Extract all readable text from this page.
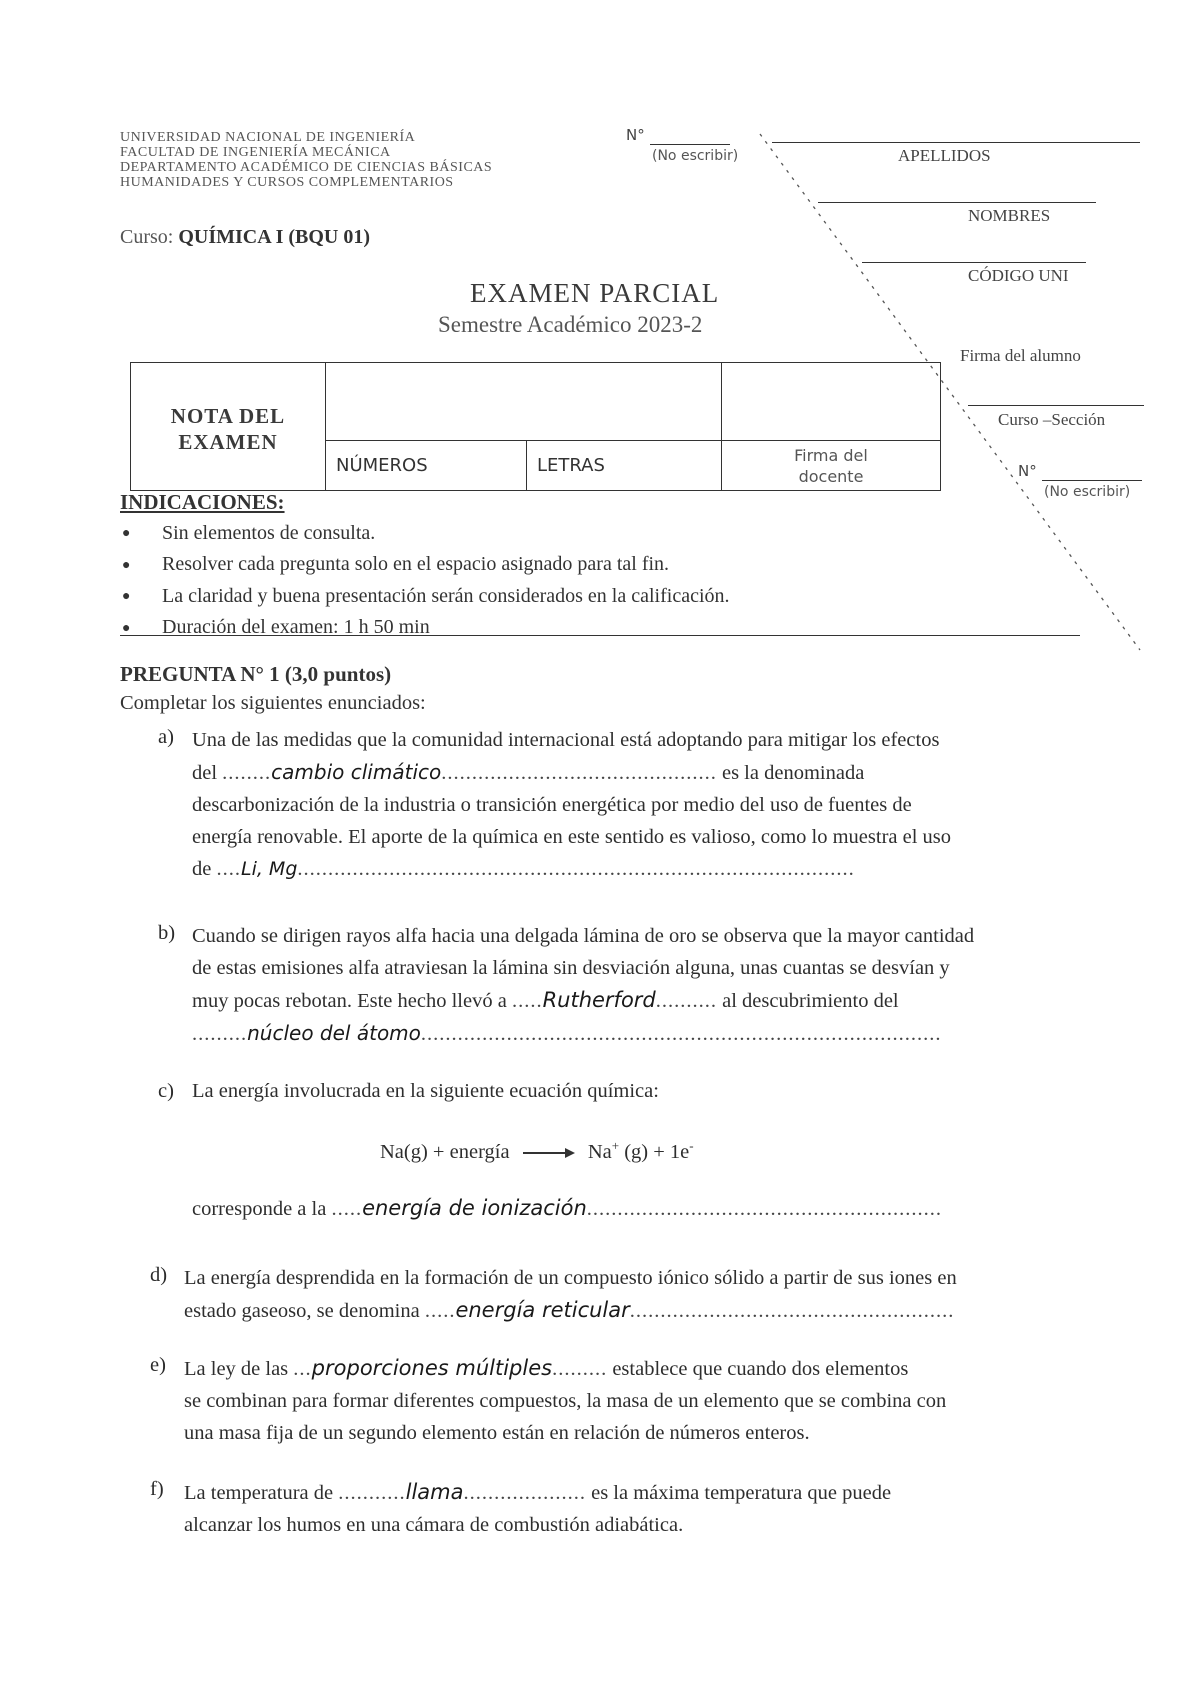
UNIVERSIDAD NACIONAL DE INGENIERÍA
FACULTAD DE INGENIERÍA MECÁNICA
DEPARTAMENTO ACADÉMICO DE CIENCIAS BÁSICAS
HUMANIDADES Y CURSOS COMPLEMENTARIOS
N°
(No escribir)	APELLIDOS
NOMBRES
CÓDIGO UNI
Firma del alumno
Curso –Sección
N°
(No escribir)
Curso: QUÍMICA I (BQU 01)
EXAMEN PARCIAL
Semestre Académico 2023-2
NOTA DEL
EXAMEN			

	NÚMEROS	LETRAS	Firma del
docente
INDICACIONES:
● Sin elementos de consulta.
● Resolver cada pregunta solo en el espacio asignado para tal fin.
● La claridad y buena presentación serán considerados en la calificación.
● Duración del examen: 1 h 50 min
PREGUNTA N° 1 (3,0 puntos)
Completar los siguientes enunciados:
a) Una de las medidas que la comunidad internacional está adoptando para mitigar los efectos
del ........cambio climático............................................. es la denominada
descarbonización de la industria o transición energética por medio del uso de fuentes de
energía renovable. El aporte de la química en este sentido es valioso, como lo muestra el uso
de ....Li, Mg...........................................................................................
b) Cuando se dirigen rayos alfa hacia una delgada lámina de oro se observa que la mayor cantidad
de estas emisiones alfa atraviesan la lámina sin desviación alguna, unas cuantas se desvían y
muy pocas rebotan. Este hecho llevó a .....Rutherford.......... al descubrimiento del
.........núcleo del átomo.....................................................................................
c) La energía involucrada en la siguiente ecuación química:
Na(g) + energía → Na+ (g) + 1e-
corresponde a la .....energía de ionización..........................................................
d) La energía desprendida en la formación de un compuesto iónico sólido a partir de sus iones en
estado gaseoso, se denomina .....energía reticular.....................................................
e) La ley de las ...proporciones múltiples......... establece que cuando dos elementos
se combinan para formar diferentes compuestos, la masa de un elemento que se combina con
una masa fija de un segundo elemento están en relación de números enteros.
f) La temperatura de ...........llama.................... es la máxima temperatura que puede
alcanzar los humos en una cámara de combustión adiabática.
